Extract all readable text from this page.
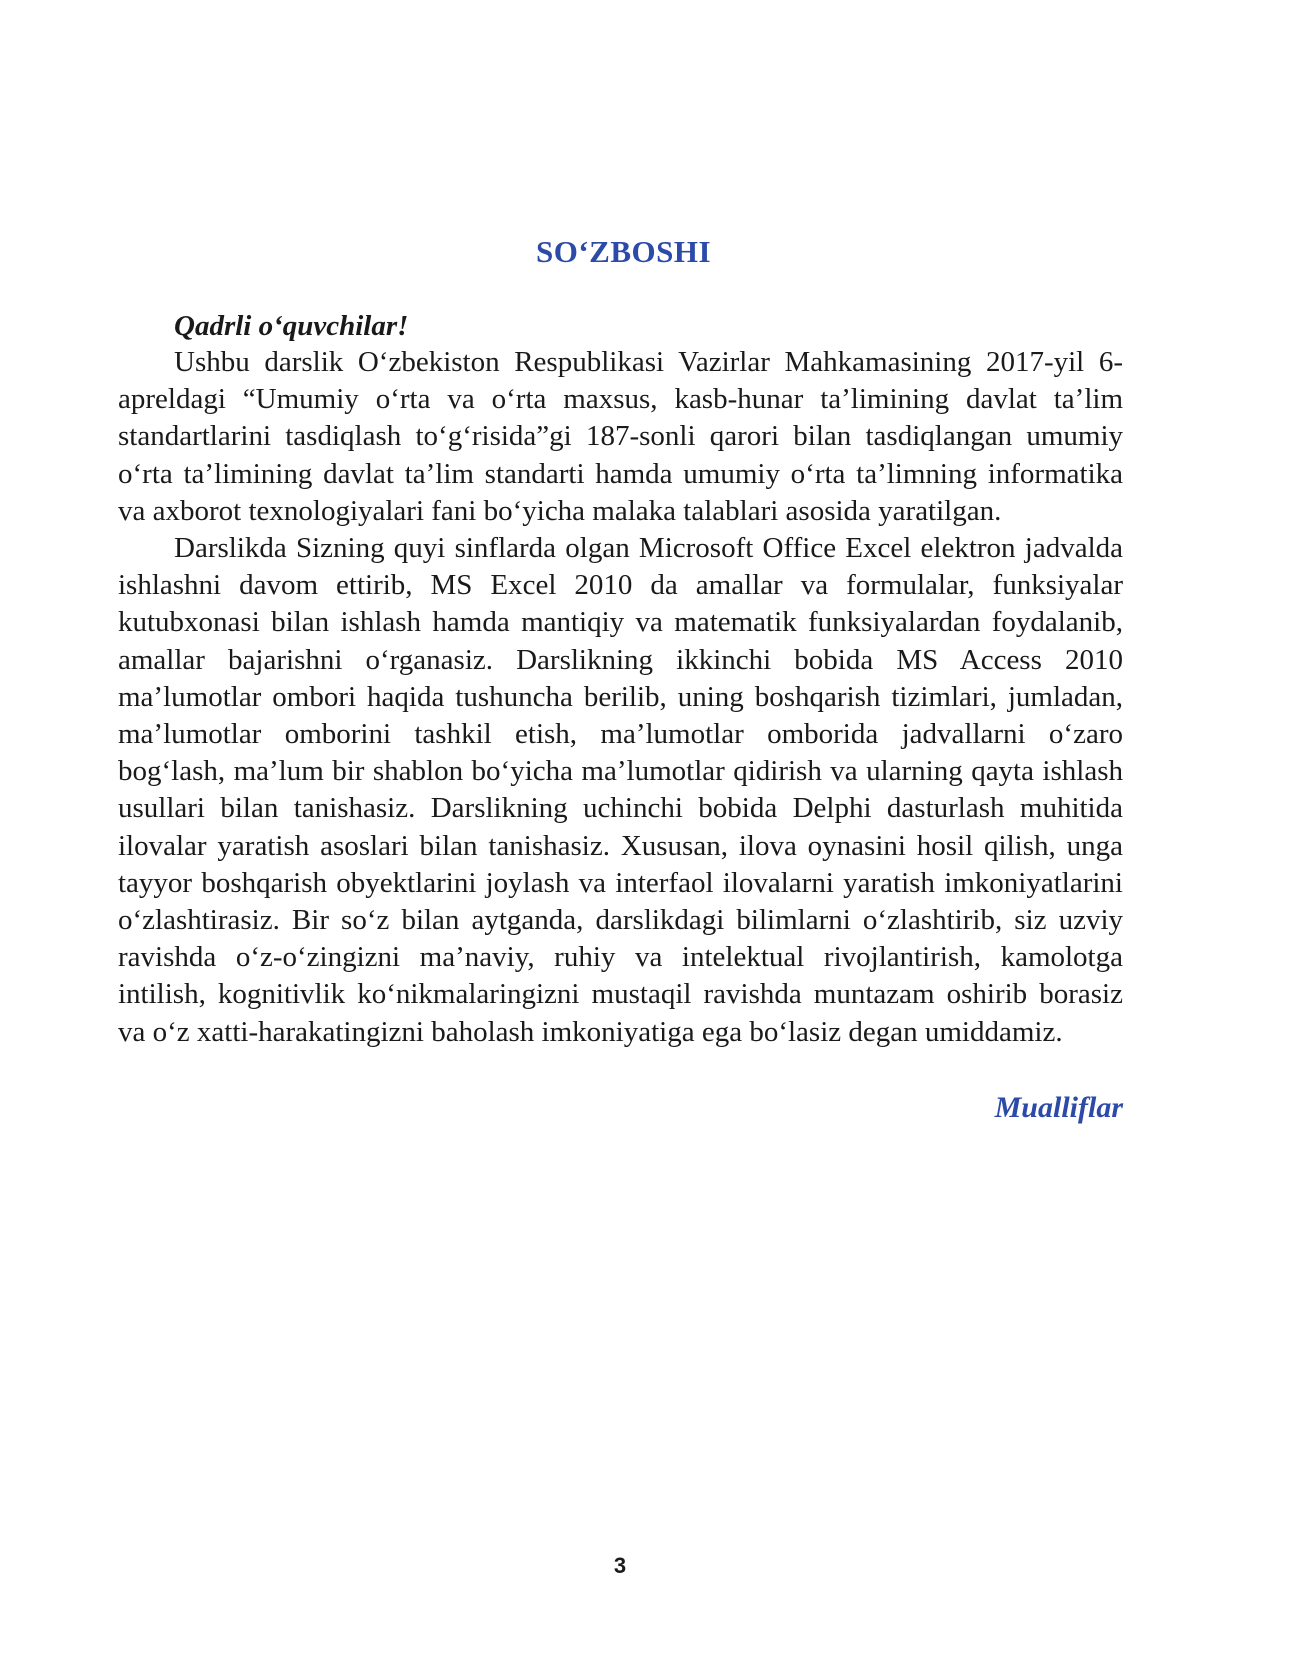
SO‘ZBOSHI

Qadrli o‘quvchilar!

Ushbu darslik O‘zbekiston Respublikasi Vazirlar Mahkamasining 2017-yil 6-apreldagi “Umumiy o‘rta va o‘rta maxsus, kasb-hunar ta’limining davlat ta’lim standartlarini tasdiqlash to‘g‘risida”gi 187-sonli qarori bilan tasdiqlangan umumiy o‘rta ta’limining davlat ta’lim standarti hamda umumiy o‘rta ta’limning informatika va axborot texnologiyalari fani bo‘yicha malaka talablari asosida yaratilgan.

Darslikda Sizning quyi sinflarda olgan Microsoft Office Excel elektron jadvalda ishlashni davom ettirib, MS Excel 2010 da amallar va formulalar, funksiyalar kutubxonasi bilan ishlash hamda mantiqiy va matematik funksiyalardan foydalanib, amallar bajarishni o‘rganasiz. Darslikning ikkinchi bobida MS Access 2010 ma’lumotlar ombori haqida tushuncha berilib, uning boshqarish tizimlari, jumladan, ma’lumotlar omborini tashkil etish, ma’lumotlar omborida jadvallarni o‘zaro bog‘lash, ma’lum bir shablon bo‘yicha ma’lumotlar qidirish va ularning qayta ishlash usullari bilan tanishasiz. Darslikning uchinchi bobida Delphi dasturlash muhitida ilovalar yaratish asoslari bilan tanishasiz. Xususan, ilova oynasini hosil qilish, unga tayyor boshqarish obyektlarini joylash va interfaol ilovalarni yaratish imkoniyatlarini o‘zlashtirasiz. Bir so‘z bilan aytganda, darslikdagi bilimlarni o‘zlashtirib, siz uzviy ravishda o‘z-o‘zingizni ma’naviy, ruhiy va intelektual rivojlantirish, kamolotga intilish, kognitivlik ko‘nikmalaringizni mustaqil ravishda muntazam oshirib borasiz va o‘z xatti-harakatingizni baholash imkoniyatiga ega bo‘lasiz degan umiddamiz.

Mualliflar
3
